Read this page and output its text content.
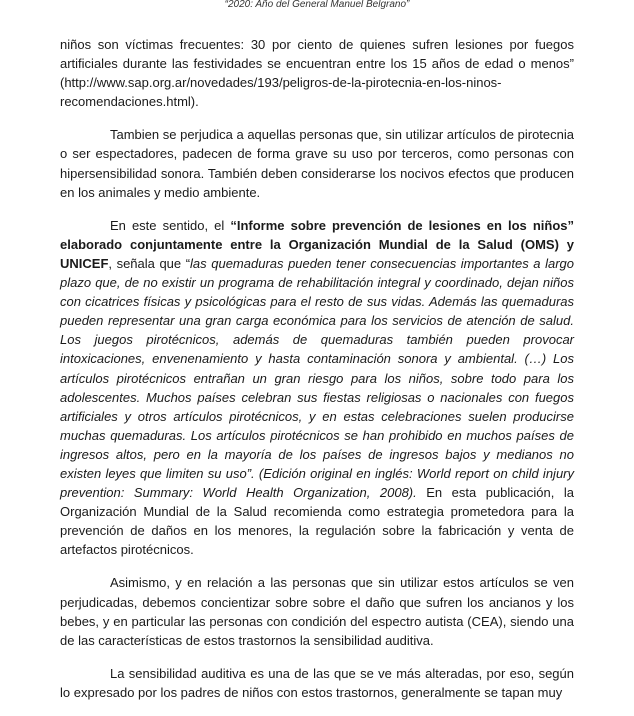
“2020: Año del General Manuel Belgrano”

niños son víctimas frecuentes: 30 por ciento de quienes sufren lesiones por fuegos artificiales durante las festividades se encuentran entre los 15 años de edad o menos” (http://www.sap.org.ar/novedades/193/peligros-de-la-pirotecnia-en-los-ninos-recomendaciones.html).

Tambien se perjudica a aquellas personas que, sin utilizar artículos de pirotecnia o ser espectadores, padecen de forma grave su uso por terceros, como personas con hipersensibilidad sonora. También deben considerarse los nocivos efectos que producen en los animales y medio ambiente.

En este sentido, el “Informe sobre prevención de lesiones en los niños” elaborado conjuntamente entre la Organización Mundial de la Salud (OMS) y UNICEF, señala que “las quemaduras pueden tener consecuencias importantes a largo plazo que, de no existir un programa de rehabilitación integral y coordinado, dejan niños con cicatrices físicas y psicológicas para el resto de sus vidas. Además las quemaduras pueden representar una gran carga económica para los servicios de atención de salud. Los juegos pirotécnicos, además de quemaduras también pueden provocar intoxicaciones, envenenamiento y hasta contaminación sonora y ambiental. (…) Los artículos pirotécnicos entrañan un gran riesgo para los niños, sobre todo para los adolescentes. Muchos países celebran sus fiestas religiosas o nacionales con fuegos artificiales y otros artículos pirotécnicos, y en estas celebraciones suelen producirse muchas quemaduras. Los artículos pirotécnicos se han prohibido en muchos países de ingresos altos, pero en la mayoría de los países de ingresos bajos y medianos no existen leyes que limiten su uso”. (Edición original en inglés: World report on child injury prevention: Summary: World Health Organization, 2008). En esta publicación, la Organización Mundial de la Salud recomienda como estrategia prometedora para la prevención de daños en los menores, la regulación sobre la fabricación y venta de artefactos pirotécnicos.

Asimismo, y en relación a las personas que sin utilizar estos artículos se ven perjudicadas, debemos concientizar sobre sobre el daño que sufren los ancianos y los bebes, y en particular las personas con condición del espectro autista (CEA), siendo una de las características de estos trastornos la sensibilidad auditiva.

La sensibilidad auditiva es una de las que se ve más alteradas, por eso, según lo expresado por los padres de niños con estos trastornos, generalmente se tapan muy
